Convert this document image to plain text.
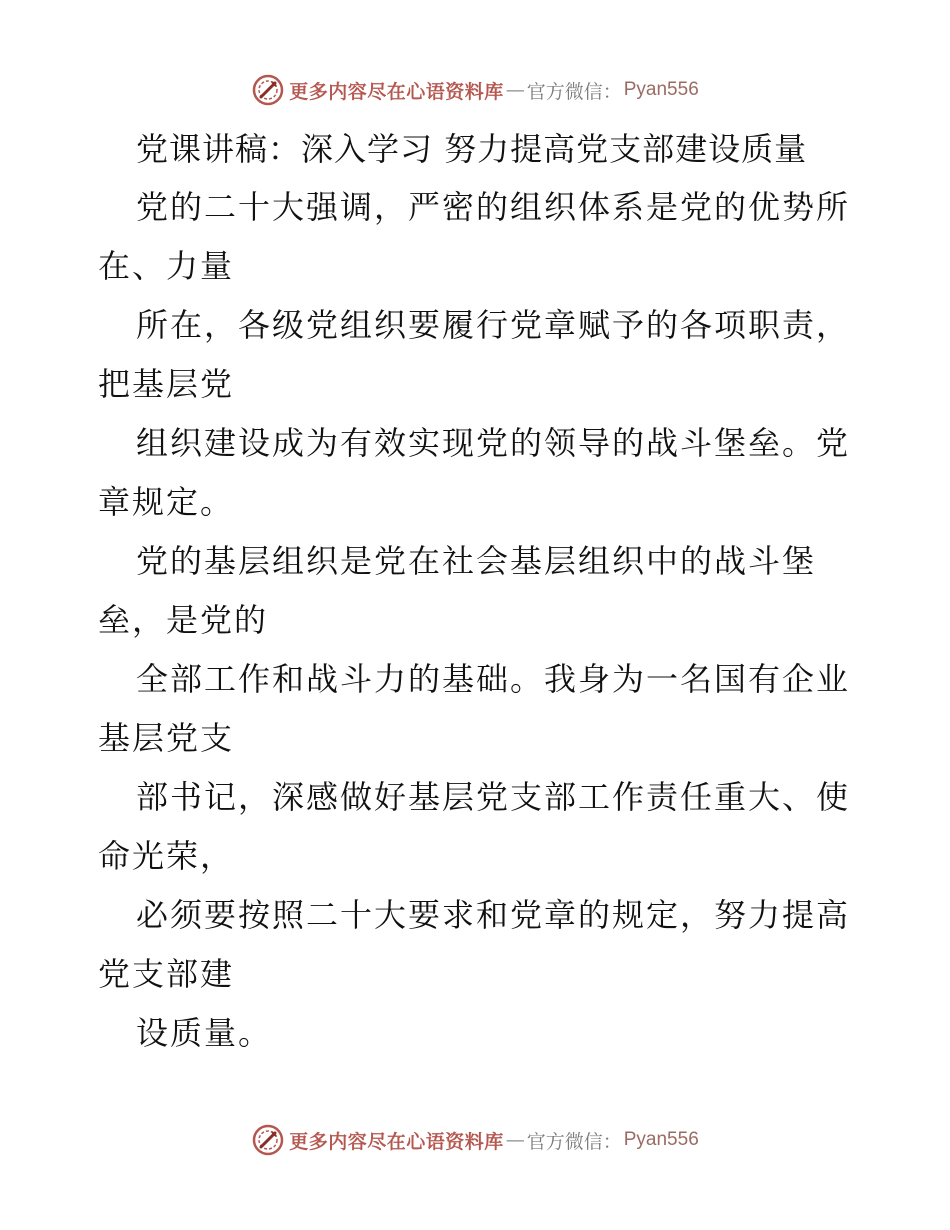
更多内容尽在心语资料库 — 官方微信： Pyan556
党课讲稿：深入学习 努力提高党支部建设质量

党的二十大强调，严密的组织体系是党的优势所
在、力量

所在，各级党组织要履行党章赋予的各项职责，
把基层党

组织建设成为有效实现党的领导的战斗堡垒。党
章规定。

党的基层组织是党在社会基层组织中的战斗堡
垒，是党的

全部工作和战斗力的基础。我身为一名国有企业
基层党支

部书记，深感做好基层党支部工作责任重大、使
命光荣，

必须要按照二十大要求和党章的规定，努力提高
党支部建

设质量。

更多内容尽在心语资料库 — 官方微信： Pyan556
